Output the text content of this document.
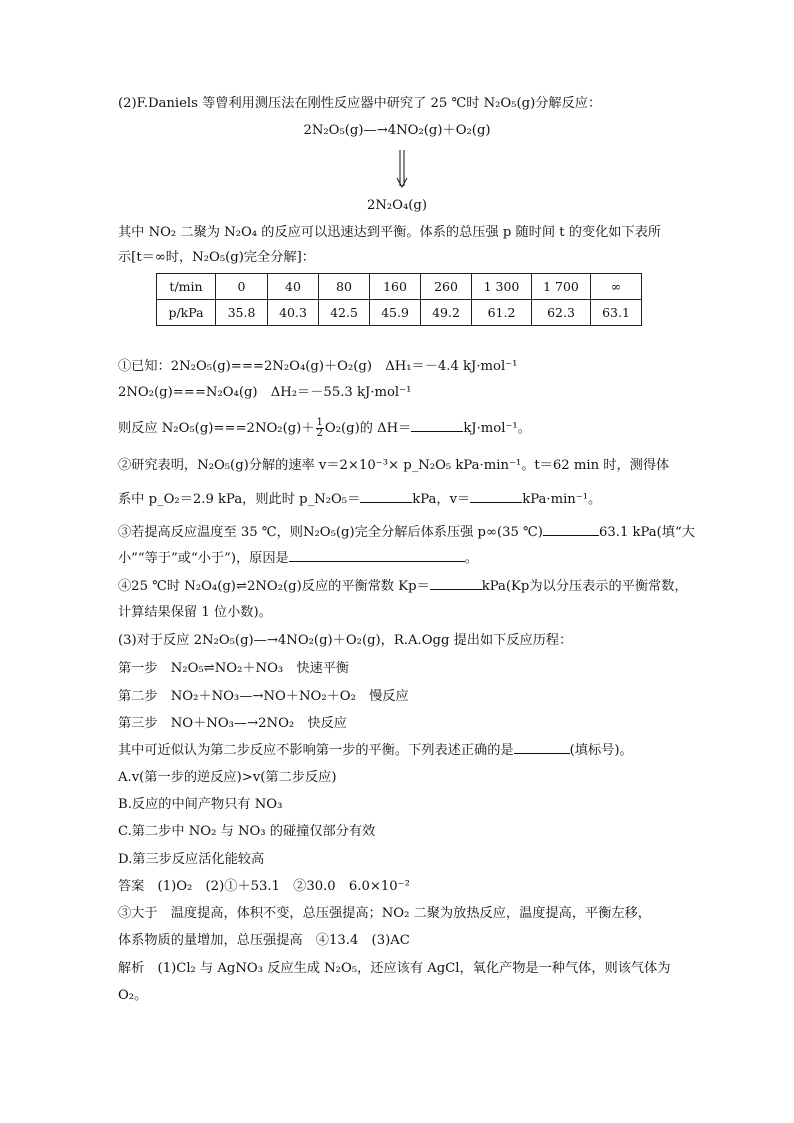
(2)F.Daniels 等曾利用测压法在刚性反应器中研究了 25 ℃时 N₂O₅(g)分解反应：
2N₂O₅(g)—→4NO₂(g)＋O₂(g)
2N₂O₄(g)
其中 NO₂ 二聚为 N₂O₄ 的反应可以迅速达到平衡。体系的总压强 p 随时间 t 的变化如下表所
示[t＝∞时，N₂O₅(g)完全分解]：
t/min	0	40	80	160	260	1 300	1 700	∞
p/kPa	35.8	40.3	42.5	45.9	49.2	61.2	62.3	63.1
①已知：2N₂O₅(g)===2N₂O₄(g)＋O₂(g)　ΔH₁＝－4.4 kJ·mol⁻¹
2NO₂(g)===N₂O₄(g)　ΔH₂＝－55.3 kJ·mol⁻¹
则反应 $N_2O_5(g)===2NO_2(g)+ \frac{1}{2} O_2(g)$的 ΔH＝	kJ·mol⁻¹。
②研究表明，N₂O₅(g)分解的速率 v＝2×10⁻³× p_N₂O₅ kPa·min⁻¹。t＝62 min 时，测得体
系中 p_O₂＝2.9 kPa，则此时 p_N₂O₅＝	kPa，v＝	kPa·min⁻¹。
③若提高反应温度至 35 ℃，则N₂O₅(g)完全分解后体系压强 p∞(35 ℃)	63.1 kPa(填“大
小”“等于”或“小于”)，原因是	。
④25 ℃时 N₂O₄(g)⇌2NO₂(g)反应的平衡常数 Kp＝	kPa(Kp为以分压表示的平衡常数，
计算结果保留 1 位小数)。
(3)对于反应 2N₂O₅(g)—→4NO₂(g)＋O₂(g)，R.A.Ogg 提出如下反应历程：
第一步　N₂O₅⇌NO₂＋NO₃　快速平衡
第二步　NO₂＋NO₃—→NO＋NO₂＋O₂　慢反应
第三步　NO＋NO₃—→2NO₂　快反应
其中可近似认为第二步反应不影响第一步的平衡。下列表述正确的是	(填标号)。
A.v(第一步的逆反应)>v(第二步反应)
B.反应的中间产物只有 NO₃
C.第二步中 NO₂ 与 NO₃ 的碰撞仅部分有效
D.第三步反应活化能较高
答案　(1)O₂　(2)①＋53.1　②30.0　6.0×10⁻²
③大于　温度提高，体积不变，总压强提高；NO₂ 二聚为放热反应，温度提高，平衡左移，
体系物质的量增加，总压强提高　④13.4　(3)AC
解析　(1)Cl₂ 与 AgNO₃ 反应生成 N₂O₅，还应该有 AgCl，氧化产物是一种气体，则该气体为
O₂。
